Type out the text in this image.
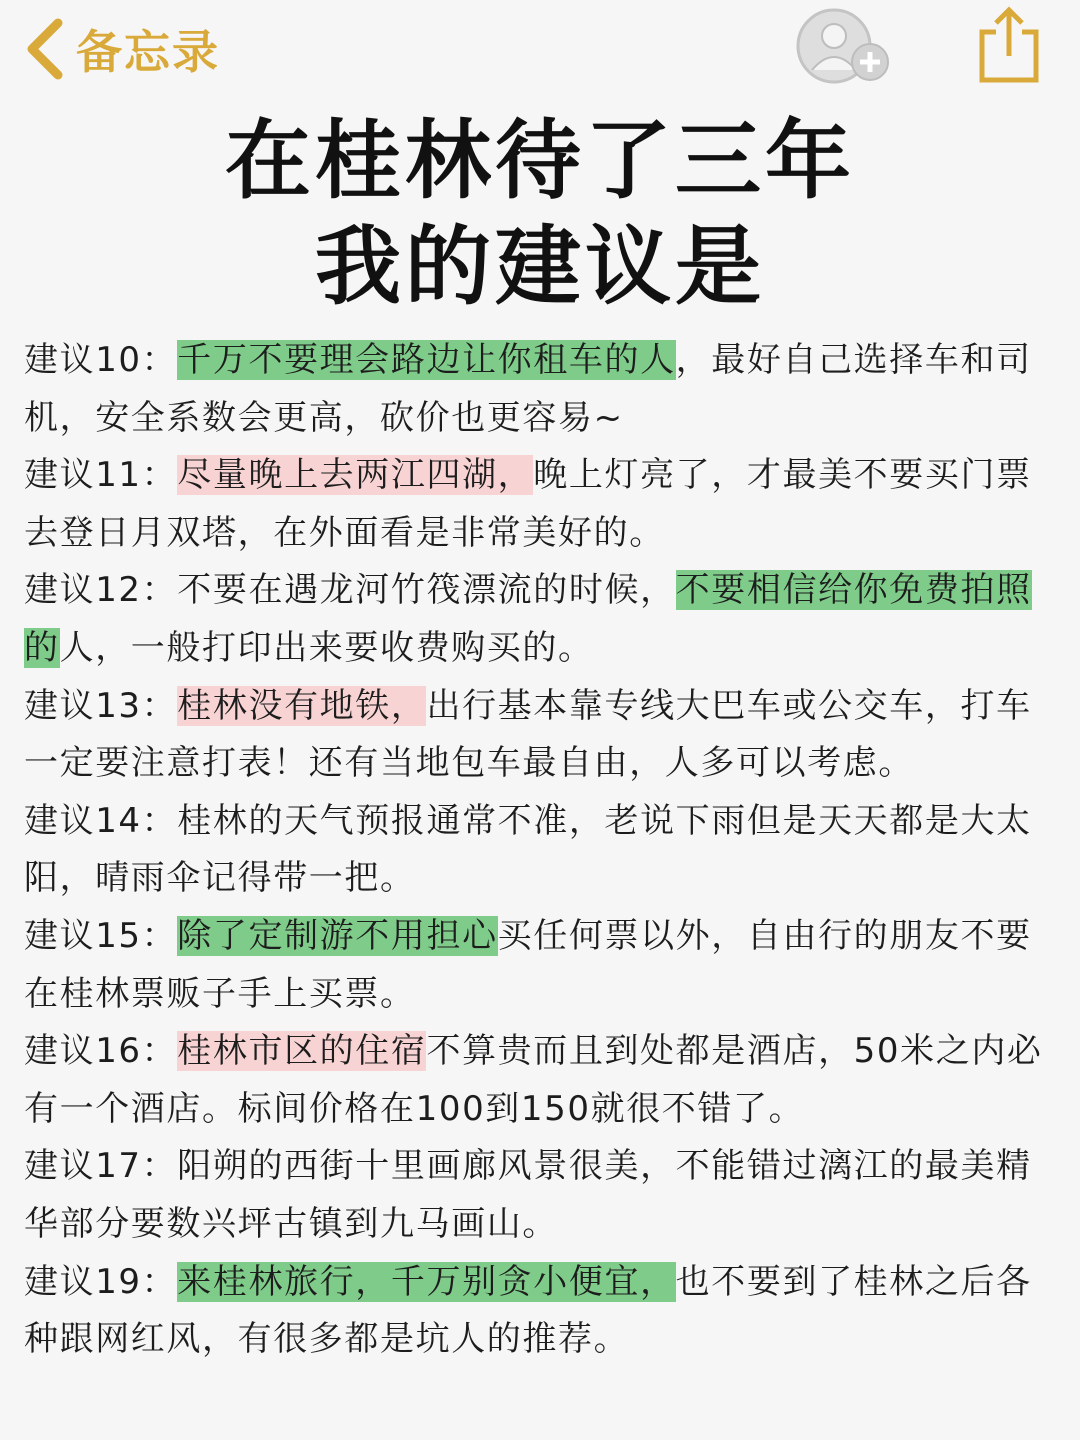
备忘录
在桂林待了三年
我的建议是
建议10：千万不要理会路边让你租车的人，最好自己选择车和司机，安全系数会更高，砍价也更容易~
建议11：尽量晚上去两江四湖，晚上灯亮了，才最美不要买门票去登日月双塔，在外面看是非常美好的。
建议12：不要在遇龙河竹筏漂流的时候，不要相信给你免费拍照的人，一般打印出来要收费购买的。
建议13：桂林没有地铁，出行基本靠专线大巴车或公交车，打车一定要注意打表！还有当地包车最自由，人多可以考虑。
建议14：桂林的天气预报通常不准，老说下雨但是天天都是大太阳，晴雨伞记得带一把。
建议15：除了定制游不用担心买任何票以外，自由行的朋友不要在桂林票贩子手上买票。
建议16：桂林市区的住宿不算贵而且到处都是酒店，50米之内必有一个酒店。标间价格在100到150就很不错了。
建议17：阳朔的西街十里画廊风景很美，不能错过漓江的最美精华部分要数兴坪古镇到九马画山。
建议19：来桂林旅行，千万别贪小便宜，也不要到了桂林之后各种跟网红风，有很多都是坑人的推荐。
